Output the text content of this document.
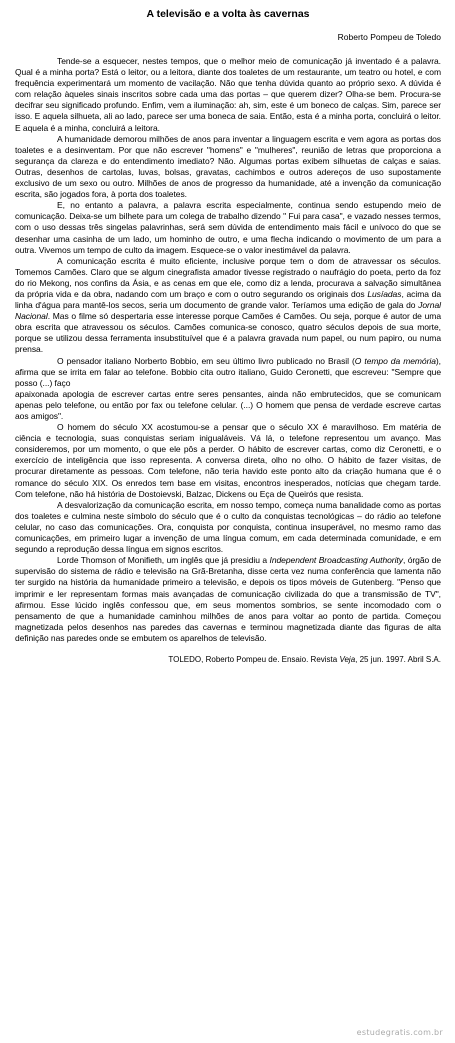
A televisão e a volta às cavernas
Roberto Pompeu de Toledo

Tende-se a esquecer, nestes tempos, que o melhor meio de comunicação já inventado é a palavra. Qual é a minha porta? Está o leitor, ou a leitora, diante dos toaletes de um restaurante, um teatro ou hotel, e com frequência experimentará um momento de vacilação. Não que tenha dúvida quanto ao próprio sexo. A dúvida é com relação àqueles sinais inscritos sobre cada uma das portas – que querem dizer? Olha-se bem. Procura-se decifrar seu significado profundo. Enfim, vem a iluminação: ah, sim, este é um boneco de calças. Sim, parece ser isso. E aquela silhueta, ali ao lado, parece ser uma boneca de saia. Então, esta é a minha porta, concluirá o leitor. E aquela é a minha, concluirá a leitora.

A humanidade demorou milhões de anos para inventar a linguagem escrita e vem agora as portas dos toaletes e a desinventam. Por que não escrever "homens" e "mulheres", reunião de letras que proporciona a segurança da clareza e do entendimento imediato? Não. Algumas portas exibem silhuetas de calças e saias. Outras, desenhos de cartolas, luvas, bolsas, gravatas, cachimbos e outros adereços de uso supostamente exclusivo de um sexo ou outro. Milhões de anos de progresso da humanidade, até a invenção da comunicação escrita, são jogados fora, à porta dos toaletes.

E, no entanto a palavra, a palavra escrita especialmente, continua sendo estupendo meio de comunicação. Deixa-se um bilhete para um colega de trabalho dizendo " Fui para casa", e vazado nesses termos, com o uso dessas três singelas palavrinhas, será sem dúvida de entendimento mais fácil e unívoco do que se desenhar uma casinha de um lado, um hominho de outro, e uma flecha indicando o movimento de um para a outra. Vivemos um tempo de culto da imagem. Esquece-se o valor inestimável da palavra.

A comunicação escrita é muito eficiente, inclusive porque tem o dom de atravessar os séculos. Tomemos Camões. Claro que se algum cinegrafista amador tivesse registrado o naufrágio do poeta, perto da foz do rio Mekong, nos confins da Ásia, e as cenas em que ele, como diz a lenda, procurava a salvação simultânea da própria vida e da obra, nadando com um braço e com o outro segurando os originais dos Lusíadas, acima da linha d'água para mantê-los secos, seria um documento de grande valor. Teríamos uma edição de gala do Jornal Nacional. Mas o filme só despertaria esse interesse porque Camões é Camões. Ou seja, porque é autor de uma obra escrita que atravessou os séculos. Camões comunica-se conosco, quatro séculos depois de sua morte, porque se utilizou dessa ferramenta insubstituível que é a palavra gravada num papel, ou num papiro, ou numa prensa.

O pensador italiano Norberto Bobbio, em seu último livro publicado no Brasil (O tempo da memória), afirma que se irrita em falar ao telefone. Bobbio cita outro italiano, Guido Ceronetti, que escreveu: "Sempre que posso (...) faço

apaixonada apologia de escrever cartas entre seres pensantes, ainda não embrutecidos, que se comunicam apenas pelo telefone, ou então por fax ou telefone celular. (...) O homem que pensa de verdade escreve cartas aos amigos".

O homem do século XX acostumou-se a pensar que o século XX é maravilhoso. Em matéria de ciência e tecnologia, suas conquistas seriam inigualáveis. Vá lá, o telefone representou um avanço. Mas consideremos, por um momento, o que ele pôs a perder. O hábito de escrever cartas, como diz Ceronetti, e o exercício de inteligência que isso representa. A conversa direta, olho no olho. O hábito de fazer visitas, de procurar diretamente as pessoas. Com telefone, não teria havido este ponto alto da criação humana que é o romance do século XIX. Os enredos tem base em visitas, encontros inesperados, notícias que chegam tarde. Com telefone, não há história de Dostoievski, Balzac, Dickens ou Eça de Queirós que resista.

A desvalorização da comunicação escrita, em nosso tempo, começa numa banalidade como as portas dos toaletes e culmina neste símbolo do século que é o culto da conquistas tecnológicas – do rádio ao telefone celular, no caso das comunicações. Ora, conquista por conquista, continua insuperável, no mesmo ramo das comunicações, em primeiro lugar a invenção de uma língua comum, em cada determinada comunidade, e em segundo a reprodução dessa língua em signos escritos.

Lorde Thomson of Monifieth, um inglês que já presidiu a Independent Broadcasting Authority, órgão de supervisão do sistema de rádio e televisão na Grã-Bretanha, disse certa vez numa conferência que lamenta não ter surgido na história da humanidade primeiro a televisão, e depois os tipos móveis de Gutenberg. "Penso que imprimir e ler representam formas mais avançadas de comunicação civilizada do que a transmissão de TV", afirmou. Esse lúcido inglês confessou que, em seus momentos sombrios, se sente incomodado com o pensamento de que a humanidade caminhou milhões de anos para voltar ao ponto de partida. Começou magnetizada pelos desenhos nas paredes das cavernas e terminou magnetizada diante das figuras de alta definição nas paredes onde se embutem os aparelhos de televisão.

TOLEDO, Roberto Pompeu de. Ensaio. Revista Veja, 25 jun. 1997. Abril S.A.
estudegratis.com.br
